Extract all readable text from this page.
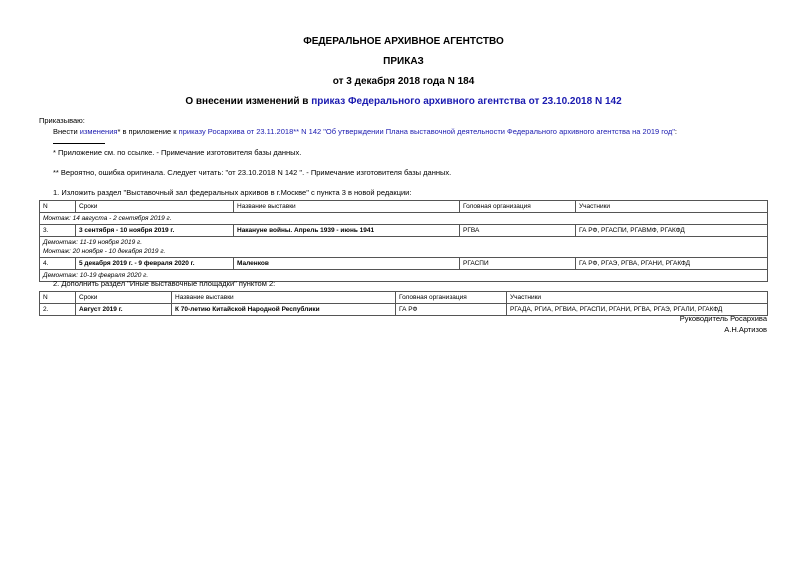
ФЕДЕРАЛЬНОЕ АРХИВНОЕ АГЕНТСТВО
ПРИКАЗ
от 3 декабря 2018 года N 184
О внесении изменений в приказ Федерального архивного агентства от 23.10.2018 N 142
Приказываю:
Внести изменения* в приложение к приказу Росархива от 23.11.2018** N 142 "Об утверждении Плана выставочной деятельности Федерального архивного агентства на 2019 год":
* Приложение см. по ссылке. - Примечание изготовителя базы данных.
** Вероятно, ошибка оригинала. Следует читать: "от 23.10.2018 N 142 ". - Примечание изготовителя базы данных.
1. Изложить раздел "Выставочный зал федеральных архивов в г.Москве" с пункта 3 в новой редакции:
N	Сроки	Название выставки	Головная организация	Участники
Монтаж: 14 августа - 2 сентября 2019 г.				
3.	3 сентября - 10 ноября 2019 г.	Накануне войны. Апрель 1939 - июнь 1941	РГВА	ГА РФ, РГАСПИ, РГАВМФ, РГАКФД

Демонтаж: 11-19 ноября 2019 г.
Монтаж: 20 ноября - 10 декабря 2019 г.				

4.	5 декабря 2019 г. - 9 февраля 2020 г.	Маленков	РГАСПИ	ГА РФ, РГАЭ, РГВА, РГАНИ, РГАКФД
Демонтаж: 10-19 февраля 2020 г.				
2. Дополнить раздел "Иные выставочные площадки" пунктом 2:
N	Сроки	Название выставки	Головная организация	Участники
2.	Август 2019 г.	К 70-летию Китайской Народной Республики	ГА РФ	РГАДА, РГИА, РГВИА, РГАСПИ, РГАНИ, РГВА, РГАЭ, РГАЛИ, РГАКФД
Руководитель Росархива
А.Н.Артизов
